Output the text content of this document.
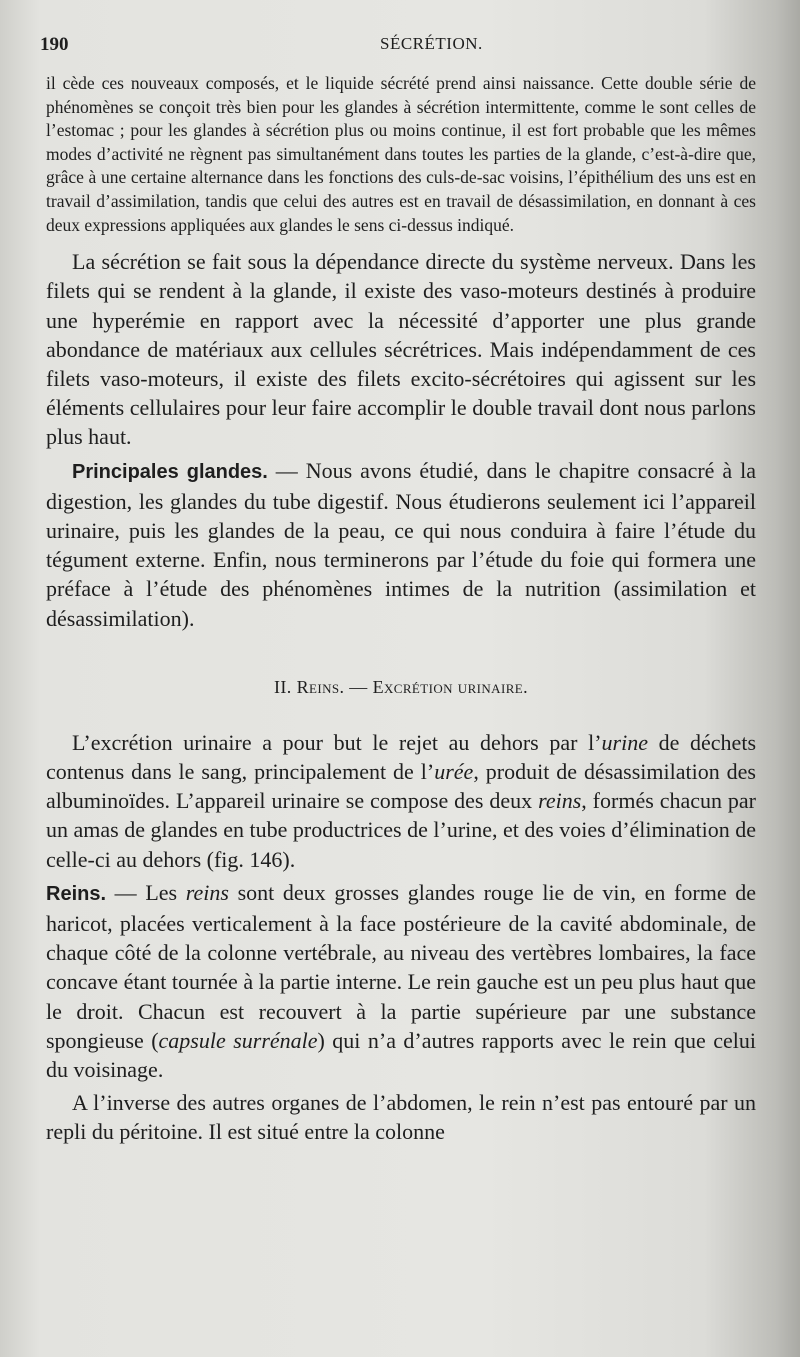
190	SÉCRÉTION.

il cède ces nouveaux composés, et le liquide sécrété prend ainsi naissance. Cette double série de phénomènes se conçoit très bien pour les glandes à sécrétion intermittente, comme le sont celles de l’estomac ; pour les glandes à sécrétion plus ou moins continue, il est fort probable que les mêmes modes d’activité ne règnent pas simultanément dans toutes les parties de la glande, c’est-à-dire que, grâce à une certaine alternance dans les fonctions des culs-de-sac voisins, l’épithélium des uns est en travail d’assimilation, tandis que celui des autres est en travail de désassimilation, en donnant à ces deux expressions appliquées aux glandes le sens ci-dessus indiqué.

La sécrétion se fait sous la dépendance directe du système nerveux. Dans les filets qui se rendent à la glande, il existe des vaso-moteurs destinés à produire une hyperémie en rapport avec la nécessité d’apporter une plus grande abondance de matériaux aux cellules sécrétrices. Mais indépendamment de ces filets vaso-moteurs, il existe des filets excito-sécrétoires qui agissent sur les éléments cellulaires pour leur faire accomplir le double travail dont nous parlons plus haut.

Principales glandes. — Nous avons étudié, dans le chapitre consacré à la digestion, les glandes du tube digestif. Nous étudierons seulement ici l’appareil urinaire, puis les glandes de la peau, ce qui nous conduira à faire l’étude du tégument externe. Enfin, nous terminerons par l’étude du foie qui formera une préface à l’étude des phénomènes intimes de la nutrition (assimilation et désassimilation).

II. Reins. — Excrétion urinaire.

L’excrétion urinaire a pour but le rejet au dehors par l’urine de déchets contenus dans le sang, principalement de l’urée, produit de désassimilation des albuminoïdes. L’appareil urinaire se compose des deux reins, formés chacun par un amas de glandes en tube productrices de l’urine, et des voies d’élimination de celle-ci au dehors (fig. 146).

Reins. — Les reins sont deux grosses glandes rouge lie de vin, en forme de haricot, placées verticalement à la face postérieure de la cavité abdominale, de chaque côté de la colonne vertébrale, au niveau des vertèbres lombaires, la face concave étant tournée à la partie interne. Le rein gauche est un peu plus haut que le droit. Chacun est recouvert à la partie supérieure par une substance spongieuse (capsule surrénale) qui n’a d’autres rapports avec le rein que celui du voisinage.

A l’inverse des autres organes de l’abdomen, le rein n’est pas entouré par un repli du péritoine. Il est situé entre la colonne
